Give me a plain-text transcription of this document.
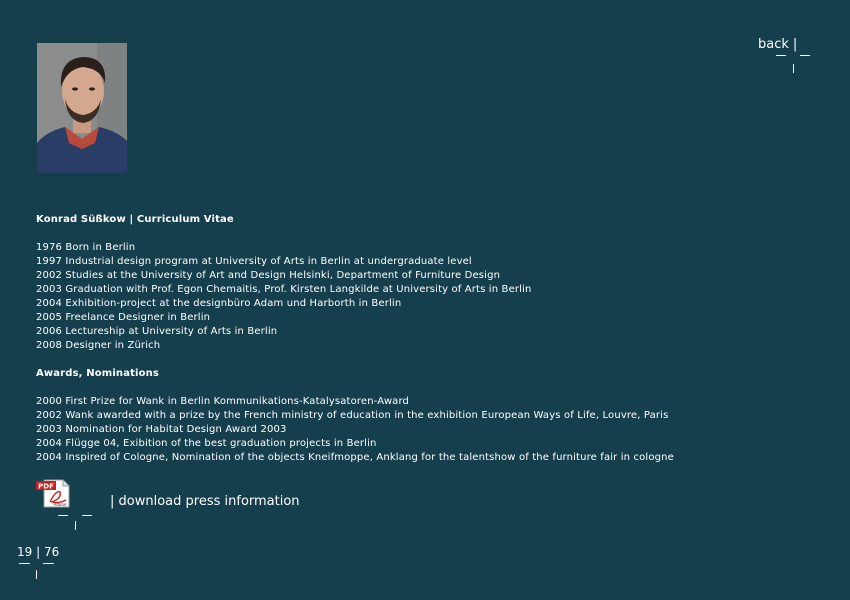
back |
Konrad Süßkow | Curriculum Vitae
1976 Born in Berlin
1997 Industrial design program at University of Arts in Berlin at undergraduate level
2002 Studies at the University of Art and Design Helsinki, Department of Furniture Design
2003 Graduation with Prof. Egon Chemaitis, Prof. Kirsten Langkilde at University of Arts in Berlin
2004 Exhibition-project at the designbüro Adam und Harborth in Berlin
2005 Freelance Designer in Berlin
2006 Lectureship at University of Arts in Berlin
2008 Designer in Zürich
Awards, Nominations
2000 First Prize for Wank in Berlin Kommunikations-Katalysatoren-Award
2002 Wank awarded with a prize by the French ministry of education in the exhibition European Ways of Life, Louvre, Paris
2003 Nomination for Habitat Design Award 2003
2004 Flügge 04, Exibition of the best graduation projects in Berlin
2004 Inspired of Cologne, Nomination of the objects Kneifmoppe, Anklang for the talentshow of the furniture fair in cologne
PDF
Adobe	| download press information
19 | 76
